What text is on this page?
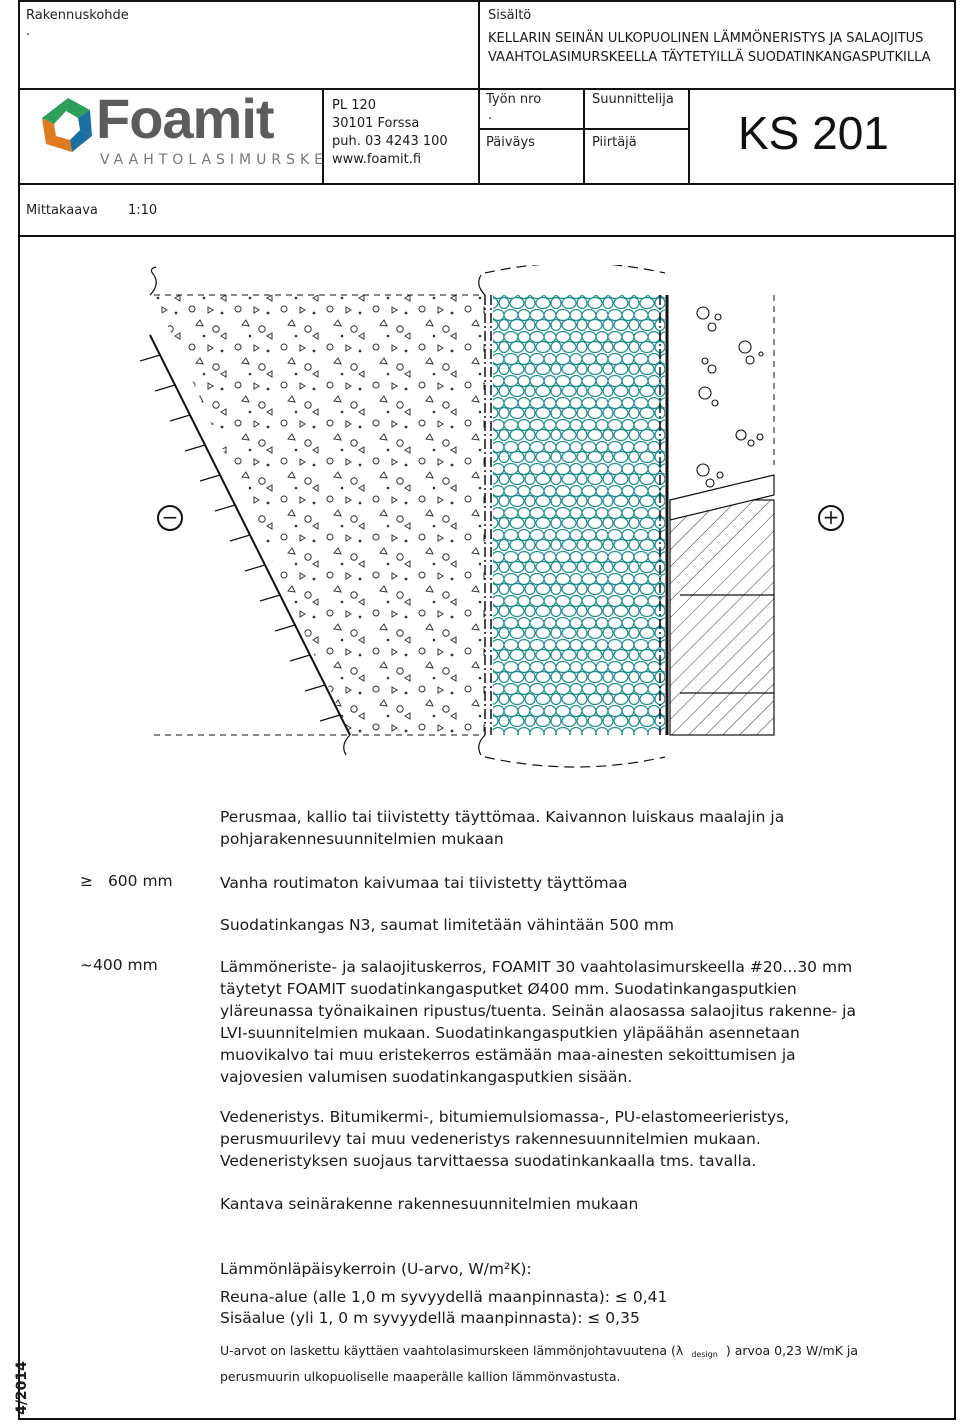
Rakennuskohde
.
Sisältö
KELLARIN SEINÄN ULKOPUOLINEN LÄMMÖNERISTYS JA SALAOJITUS
VAAHTOLASIMURSKEELLA TÄYTETYILLÄ SUODATINKANGASPUTKILLA
Foamit
VAAHTOLASIMURSKE
PL 120
30101 Forssa
puh. 03 4243 100
www.foamit.fi
Työn nro
.
Suunnittelija
Päiväys	Piirtäjä KS 201
Mittakaava 1:10
−	+
Perusmaa, kallio tai tiivistetty täyttömaa. Kaivannon luiskaus maalajin ja
pohjarakennesuunnitelmien mukaan
≥ 600 mm	Vanha routimaton kaivumaa tai tiivistetty täyttömaa
Suodatinkangas N3, saumat limitetään vähintään 500 mm
~400 mm	Lämmöneriste- ja salaojituskerros, FOAMIT 30 vaahtolasimurskeella #20...30 mm
täytetyt FOAMIT suodatinkangasputket Ø400 mm. Suodatinkangasputkien
yläreunassa työnaikainen ripustus/tuenta. Seinän alaosassa salaojitus rakenne- ja
LVI-suunnitelmien mukaan. Suodatinkangasputkien yläpäähän asennetaan
muovikalvo tai muu eristekerros estämään maa-ainesten sekoittumisen ja
vajovesien valumisen suodatinkangasputkien sisään.
Vedeneristys. Bitumikermi-, bitumiemulsiomassa-, PU-elastomeerieristys,
perusmuurilevy tai muu vedeneristys rakennesuunnitelmien mukaan.
Vedeneristyksen suojaus tarvittaessa suodatinkankaalla tms. tavalla.
Kantava seinärakenne rakennesuunnitelmien mukaan
Lämmönläpäisykerroin (U-arvo, W/m²K):
Reuna-alue (alle 1,0 m syvyydellä maanpinnasta): ≤ 0,41
Sisäalue (yli 1, 0 m syvyydellä maanpinnasta): ≤ 0,35
U-arvot on laskettu käyttäen vaahtolasimurskeen lämmönjohtavuutena (λ design ) arvoa 0,23 W/mK ja
perusmuurin ulkopuoliselle maaperälle kallion lämmönvastusta.
4/2014
